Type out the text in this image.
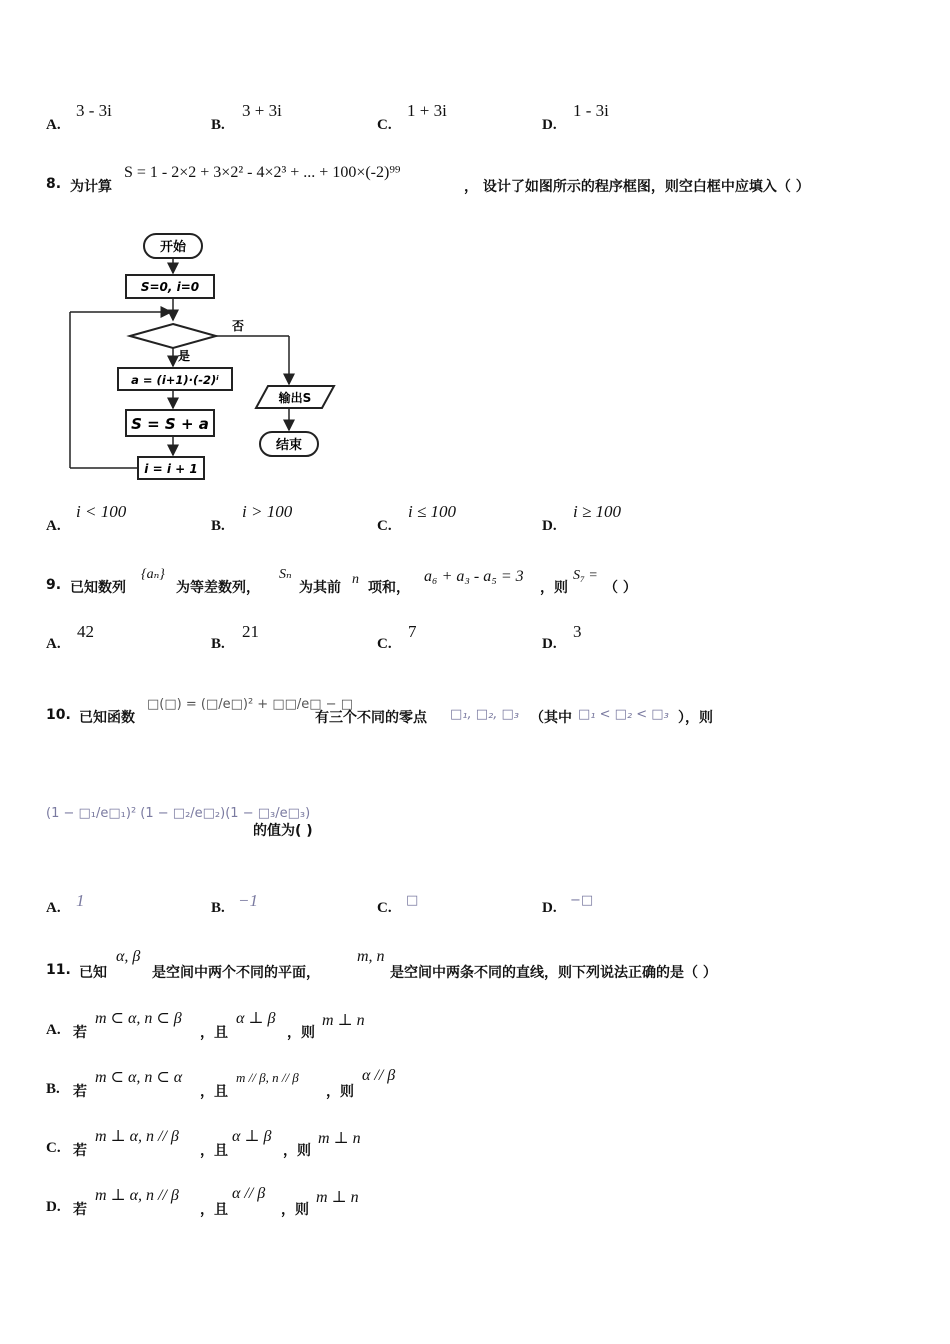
A.
3 - 3i
B.
3 + 3i
C.
1 + 3i
D.
1 - 3i
8. 为计算
S = 1 - 2×2 + 3×2² - 4×2³ + ... + 100×(-2)⁹⁹
， 设计了如图所示的程序框图，则空白框中应填入（ ）
开始
S=0, i=0
否
是
a = (i+1)·(-2)ⁱ
S = S + a
i = i + 1
输出S
结束
A.
i < 100
B.
i > 100
C.
i ≤ 100
D.
i ≥ 100
9. 已知数列
{aₙ}
为等差数列，
Sₙ
为其前
n
项和，
a₆ + a₃ - a₅ = 3
，则
S₇ =
（ ）
A.
42
B.
21
C.
7
D.
3
10. 已知函数
□(□) = (□/e□)² + □□/e□ − □
有三个不同的零点 □₁, □₂, □₃ （其中 □₁ < □₂ < □₃ ），则
(1 − □₁/e□₁)² (1 − □₂/e□₂)(1 − □₃/e□₃)
的值为( )
A. 1	B. −1	C. □	D. −□
11. 已知
α, β
是空间中两个不同的平面，
m, n
是空间中两条不同的直线，则下列说法正确的是（ ）
A. 若
m ⊂ α, n ⊂ β
，且
α ⊥ β
，则
m ⊥ n
B. 若
m ⊂ α, n ⊂ α
，且
m // β, n // β
，则
α // β
C. 若
m ⊥ α, n // β
，且
α ⊥ β
，则
m ⊥ n
D. 若
m ⊥ α, n // β
，且
α // β
，则
m ⊥ n
